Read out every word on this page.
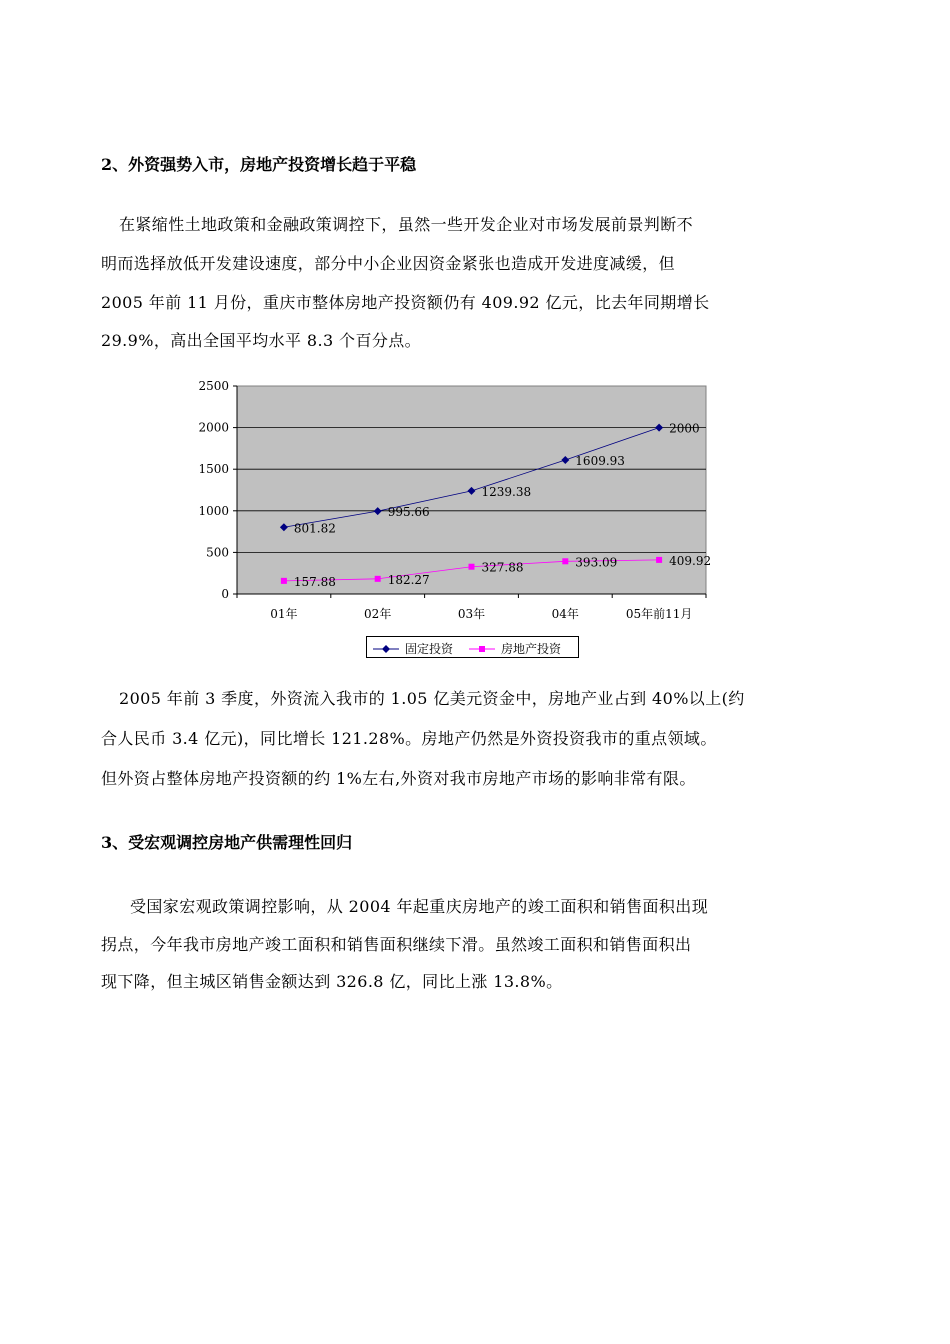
2、外资强势入市，房地产投资增长趋于平稳
在紧缩性土地政策和金融政策调控下，虽然一些开发企业对市场发展前景判断不
明而选择放低开发建设速度，部分中小企业因资金紧张也造成开发进度减缓，但
2005 年前 11 月份，重庆市整体房地产投资额仍有 409.92 亿元，比去年同期增长
29.9%，高出全国平均水平 8.3 个百分点。
0
500
1000
1500
2000
2500
01年	02年	03年	04年	05年前11月
801.82
995.66
1239.38
1609.93
2000
157.88	182.27
327.88	393.09	409.92
固定投资	房地产投资
2005 年前 3 季度，外资流入我市的 1.05 亿美元资金中，房地产业占到 40%以上(约
合人民币 3.4 亿元)，同比增长 121.28%。房地产仍然是外资投资我市的重点领域。
但外资占整体房地产投资额的约 1%左右,外资对我市房地产市场的影响非常有限。
3、受宏观调控房地产供需理性回归
受国家宏观政策调控影响，从 2004 年起重庆房地产的竣工面积和销售面积出现
拐点，今年我市房地产竣工面积和销售面积继续下滑。虽然竣工面积和销售面积出
现下降，但主城区销售金额达到 326.8 亿，同比上涨 13.8%。
